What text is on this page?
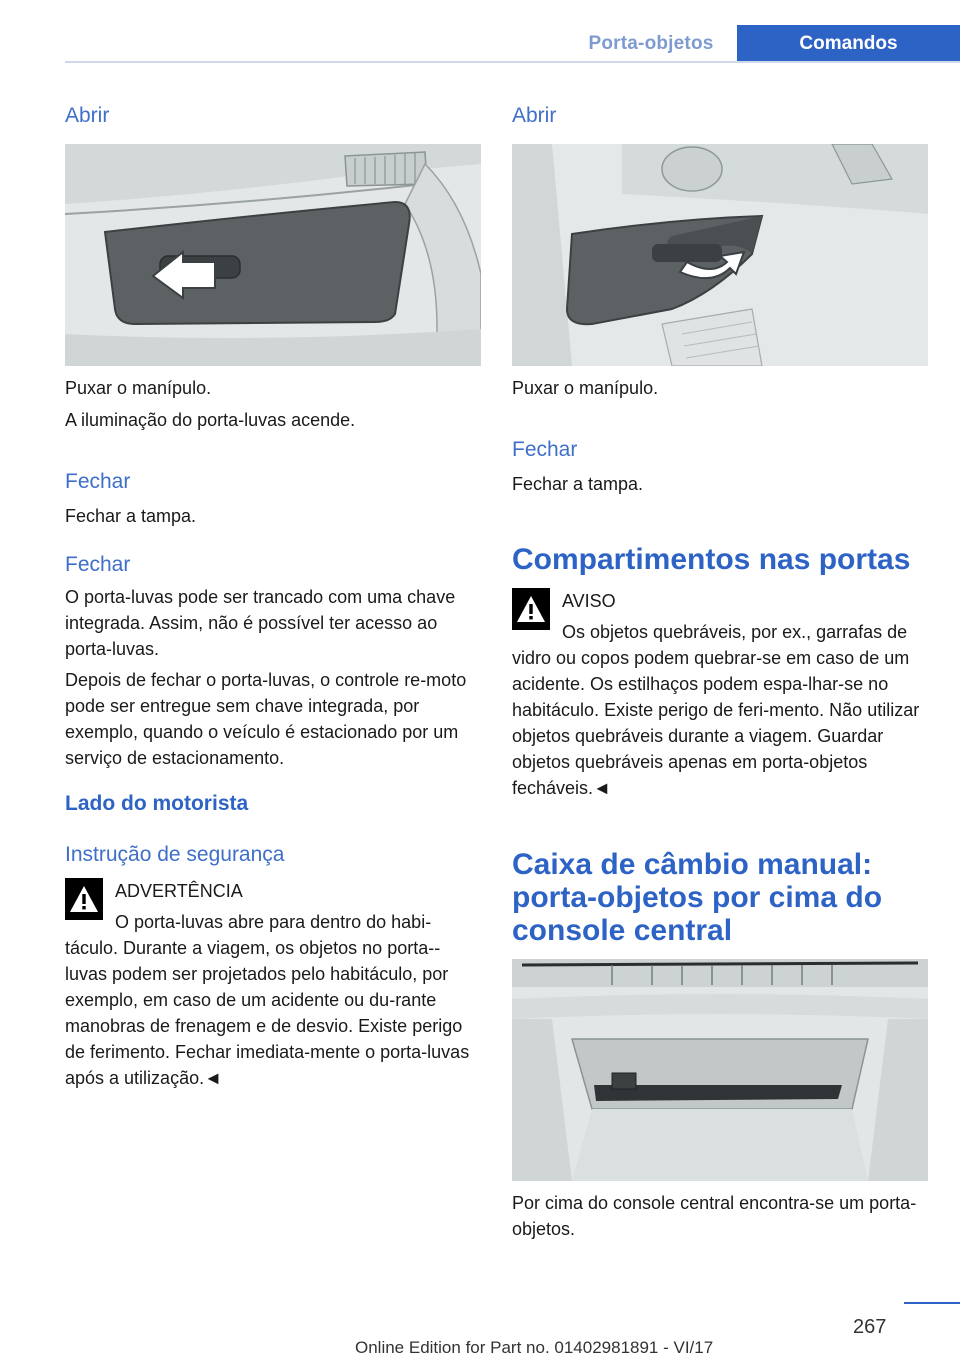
Porta-objetos	Comandos
Abrir

Puxar o manípulo.

A iluminação do porta-luvas acende.

Fechar

Fechar a tampa.

Fechar

O porta-luvas pode ser trancado com uma chave integrada. Assim, não é possível ter acesso ao porta-luvas.

Depois de fechar o porta-luvas, o controle re-moto pode ser entregue sem chave integrada, por exemplo, quando o veículo é estacionado por um serviço de estacionamento.

Lado do motorista
Instrução de segurança

ADVERTÊNCIA

O porta-luvas abre para dentro do habi-táculo. Durante a viagem, os objetos no porta--luvas podem ser projetados pelo habitáculo, por exemplo, em caso de um acidente ou du-rante manobras de frenagem e de desvio. Existe perigo de ferimento. Fechar imediata-mente o porta-luvas após a utilização.◄

Abrir

Puxar o manípulo.

Fechar

Fechar a tampa.

Compartimentos nas portas

AVISO

Os objetos quebráveis, por ex., garrafas de vidro ou copos podem quebrar-se em caso de um acidente. Os estilhaços podem espa-lhar-se no habitáculo. Existe perigo de feri-mento. Não utilizar objetos quebráveis durante a viagem. Guardar objetos quebráveis apenas em porta-objetos fecháveis.◄

Caixa de câmbio manual: porta-objetos por cima do console central

Por cima do console central encontra-se um porta-objetos.

267
Online Edition for Part no. 01402981891 - VI/17
